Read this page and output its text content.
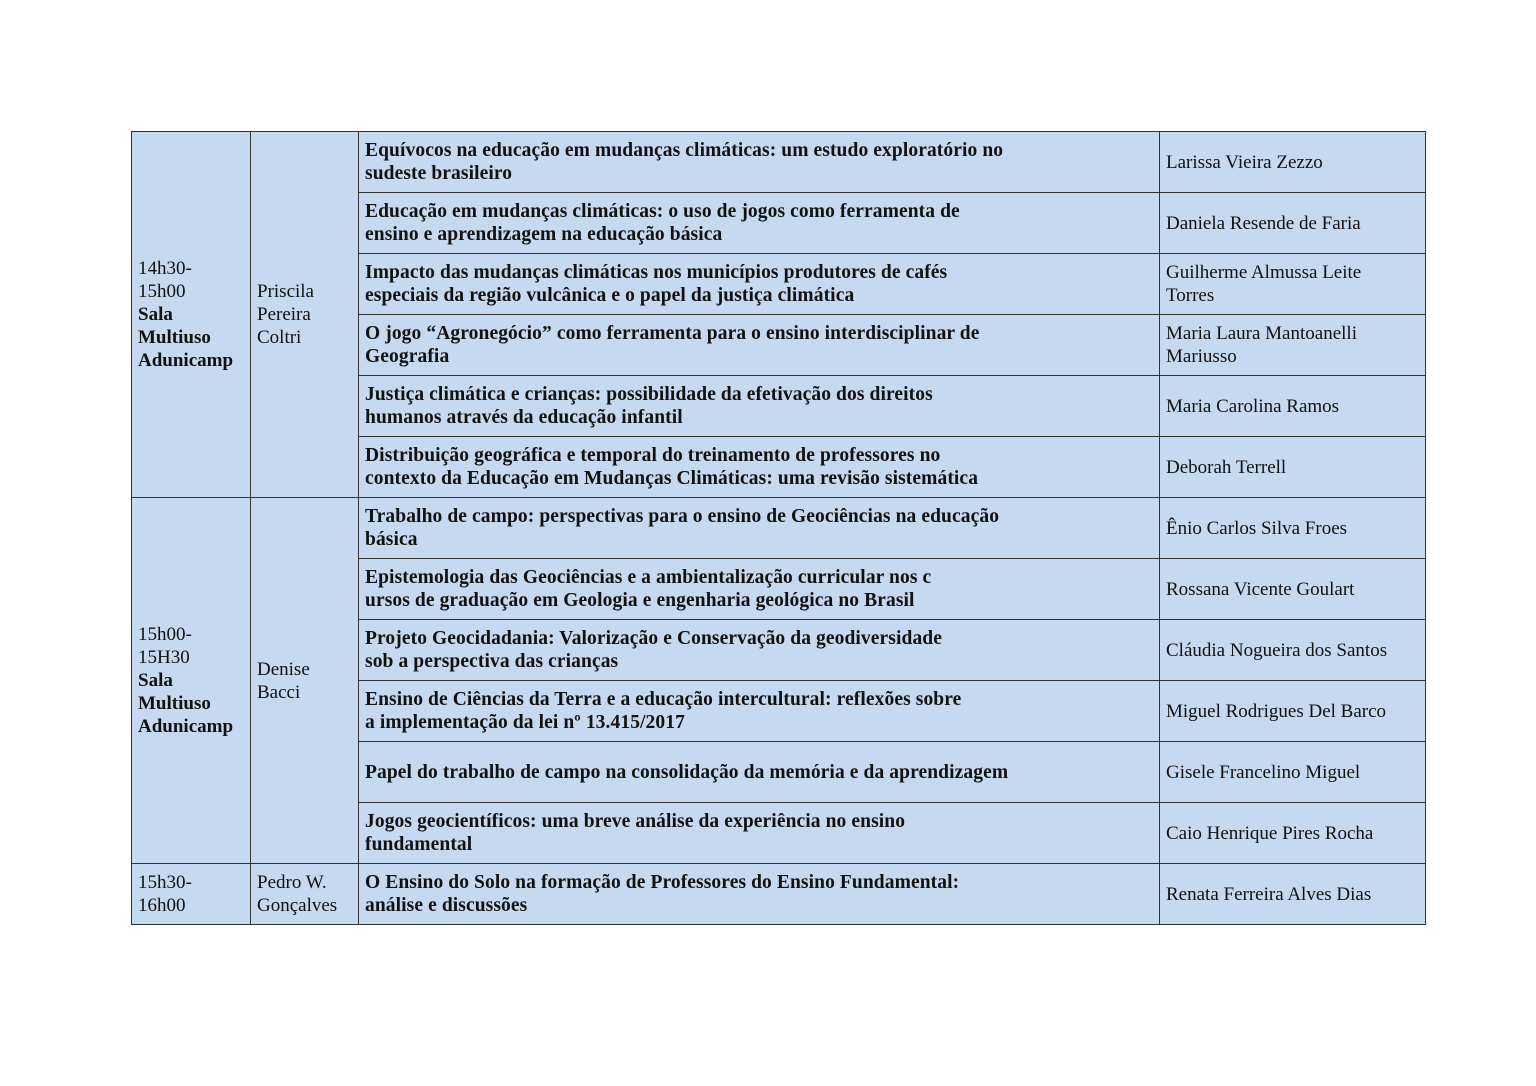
14h30-
15h00
Sala
Multiuso
Adunicamp	Priscila
Pereira
Coltri	Equívocos na educação em mudanças climáticas: um estudo exploratório no
sudeste brasileiro	Larissa Vieira Zezzo

		Educação em mudanças climáticas: o uso de jogos como ferramenta de
ensino e aprendizagem na educação básica	Daniela Resende de Faria

		Impacto das mudanças climáticas nos municípios produtores de cafés
especiais da região vulcânica e o papel da justiça climática	Guilherme Almussa Leite
Torres

		O jogo “Agronegócio” como ferramenta para o ensino interdisciplinar de
Geografia	Maria Laura Mantoanelli
Mariusso

		Justiça climática e crianças: possibilidade da efetivação dos direitos
humanos através da educação infantil	Maria Carolina Ramos

		Distribuição geográfica e temporal do treinamento de professores no
contexto da Educação em Mudanças Climáticas: uma revisão sistemática	Deborah Terrell

15h00-
15H30
Sala
Multiuso
Adunicamp	Denise
Bacci	Trabalho de campo: perspectivas para o ensino de Geociências na educação
básica	Ênio Carlos Silva Froes

		Epistemologia das Geociências e a ambientalização curricular nos c
ursos de graduação em Geologia e engenharia geológica no Brasil	Rossana Vicente Goulart

		Projeto Geocidadania: Valorização e Conservação da geodiversidade
sob a perspectiva das crianças	Cláudia Nogueira dos Santos

		Ensino de Ciências da Terra e a educação intercultural: reflexões sobre
a implementação da lei nº 13.415/2017	Miguel Rodrigues Del Barco

		Papel do trabalho de campo na consolidação da memória e da aprendizagem	Gisele Francelino Miguel

		Jogos geocientíficos: uma breve análise da experiência no ensino
fundamental	Caio Henrique Pires Rocha

15h30-
16h00	Pedro W.
Gonçalves	O Ensino do Solo na formação de Professores do Ensino Fundamental:
análise e discussões	Renata Ferreira Alves Dias
